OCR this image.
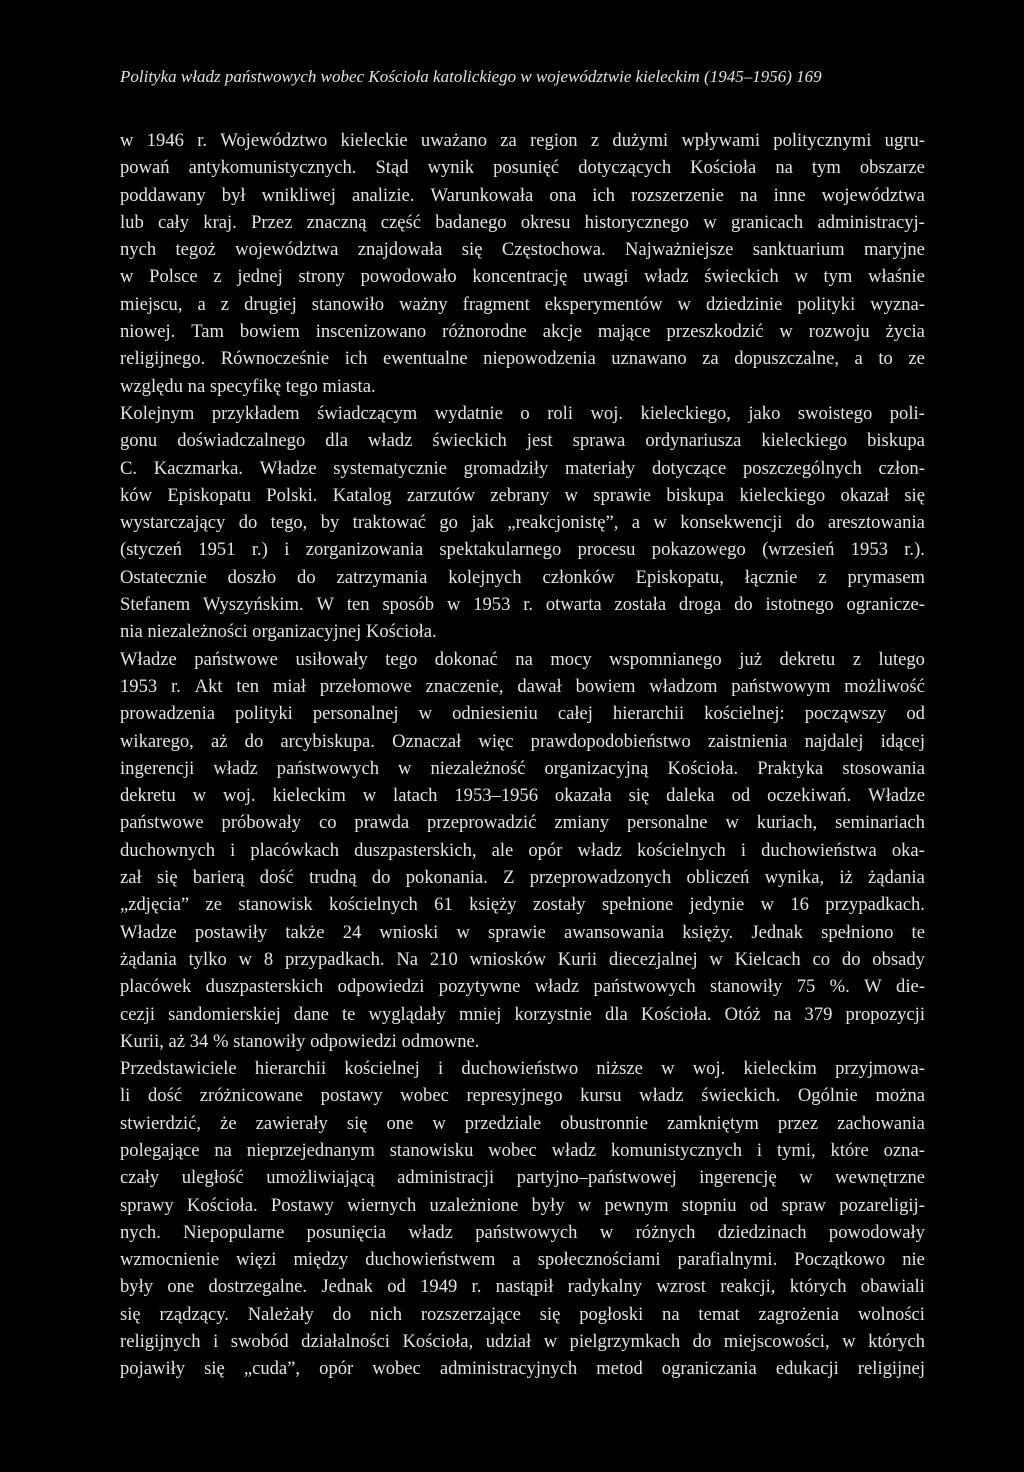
Polityka władz państwowych wobec Kościoła katolickiego w województwie kieleckim (1945–1956) 169
w 1946 r. Województwo kieleckie uważano za region z dużymi wpływami politycznymi ugru-
powań antykomunistycznych. Stąd wynik posunięć dotyczących Kościoła na tym obszarze
poddawany był wnikliwej analizie. Warunkowała ona ich rozszerzenie na inne województwa
lub cały kraj. Przez znaczną część badanego okresu historycznego w granicach administracyj-
nych tegoż województwa znajdowała się Częstochowa. Najważniejsze sanktuarium maryjne
w Polsce z jednej strony powodowało koncentrację uwagi władz świeckich w tym właśnie
miejscu, a z drugiej stanowiło ważny fragment eksperymentów w dziedzinie polityki wyzna-
niowej. Tam bowiem inscenizowano różnorodne akcje mające przeszkodzić w rozwoju życia
religijnego. Równocześnie ich ewentualne niepowodzenia uznawano za dopuszczalne, a to ze
względu na specyfikę tego miasta.
Kolejnym przykładem świadczącym wydatnie o roli woj. kieleckiego, jako swoistego poli-
gonu doświadczalnego dla władz świeckich jest sprawa ordynariusza kieleckiego biskupa
C. Kaczmarka. Władze systematycznie gromadziły materiały dotyczące poszczególnych człon-
ków Episkopatu Polski. Katalog zarzutów zebrany w sprawie biskupa kieleckiego okazał się
wystarczający do tego, by traktować go jak „reakcjonistę”, a w konsekwencji do aresztowania
(styczeń 1951 r.) i zorganizowania spektakularnego procesu pokazowego (wrzesień 1953 r.).
Ostatecznie doszło do zatrzymania kolejnych członków Episkopatu, łącznie z prymasem
Stefanem Wyszyńskim. W ten sposób w 1953 r. otwarta została droga do istotnego ogranicze-
nia niezależności organizacyjnej Kościoła.
Władze państwowe usiłowały tego dokonać na mocy wspomnianego już dekretu z lutego
1953 r. Akt ten miał przełomowe znaczenie, dawał bowiem władzom państwowym możliwość
prowadzenia polityki personalnej w odniesieniu całej hierarchii kościelnej: począwszy od
wikarego, aż do arcybiskupa. Oznaczał więc prawdopodobieństwo zaistnienia najdalej idącej
ingerencji władz państwowych w niezależność organizacyjną Kościoła. Praktyka stosowania
dekretu w woj. kieleckim w latach 1953–1956 okazała się daleka od oczekiwań. Władze
państwowe próbowały co prawda przeprowadzić zmiany personalne w kuriach, seminariach
duchownych i placówkach duszpasterskich, ale opór władz kościelnych i duchowieństwa oka-
zał się barierą dość trudną do pokonania. Z przeprowadzonych obliczeń wynika, iż żądania
„zdjęcia” ze stanowisk kościelnych 61 księży zostały spełnione jedynie w 16 przypadkach.
Władze postawiły także 24 wnioski w sprawie awansowania księży. Jednak spełniono te
żądania tylko w 8 przypadkach. Na 210 wniosków Kurii diecezjalnej w Kielcach co do obsady
placówek duszpasterskich odpowiedzi pozytywne władz państwowych stanowiły 75 %. W die-
cezji sandomierskiej dane te wyglądały mniej korzystnie dla Kościoła. Otóż na 379 propozycji
Kurii, aż 34 % stanowiły odpowiedzi odmowne.
Przedstawiciele hierarchii kościelnej i duchowieństwo niższe w woj. kieleckim przyjmowa-
li dość zróżnicowane postawy wobec represyjnego kursu władz świeckich. Ogólnie można
stwierdzić, że zawierały się one w przedziale obustronnie zamkniętym przez zachowania
polegające na nieprzejednanym stanowisku wobec władz komunistycznych i tymi, które ozna-
czały uległość umożliwiającą administracji partyjno–państwowej ingerencję w wewnętrzne
sprawy Kościoła. Postawy wiernych uzależnione były w pewnym stopniu od spraw pozareligij-
nych. Niepopularne posunięcia władz państwowych w różnych dziedzinach powodowały
wzmocnienie więzi między duchowieństwem a społecznościami parafialnymi. Początkowo nie
były one dostrzegalne. Jednak od 1949 r. nastąpił radykalny wzrost reakcji, których obawiali
się rządzący. Należały do nich rozszerzające się pogłoski na temat zagrożenia wolności
religijnych i swobód działalności Kościoła, udział w pielgrzymkach do miejscowości, w których
pojawiły się „cuda”, opór wobec administracyjnych metod ograniczania edukacji religijnej
